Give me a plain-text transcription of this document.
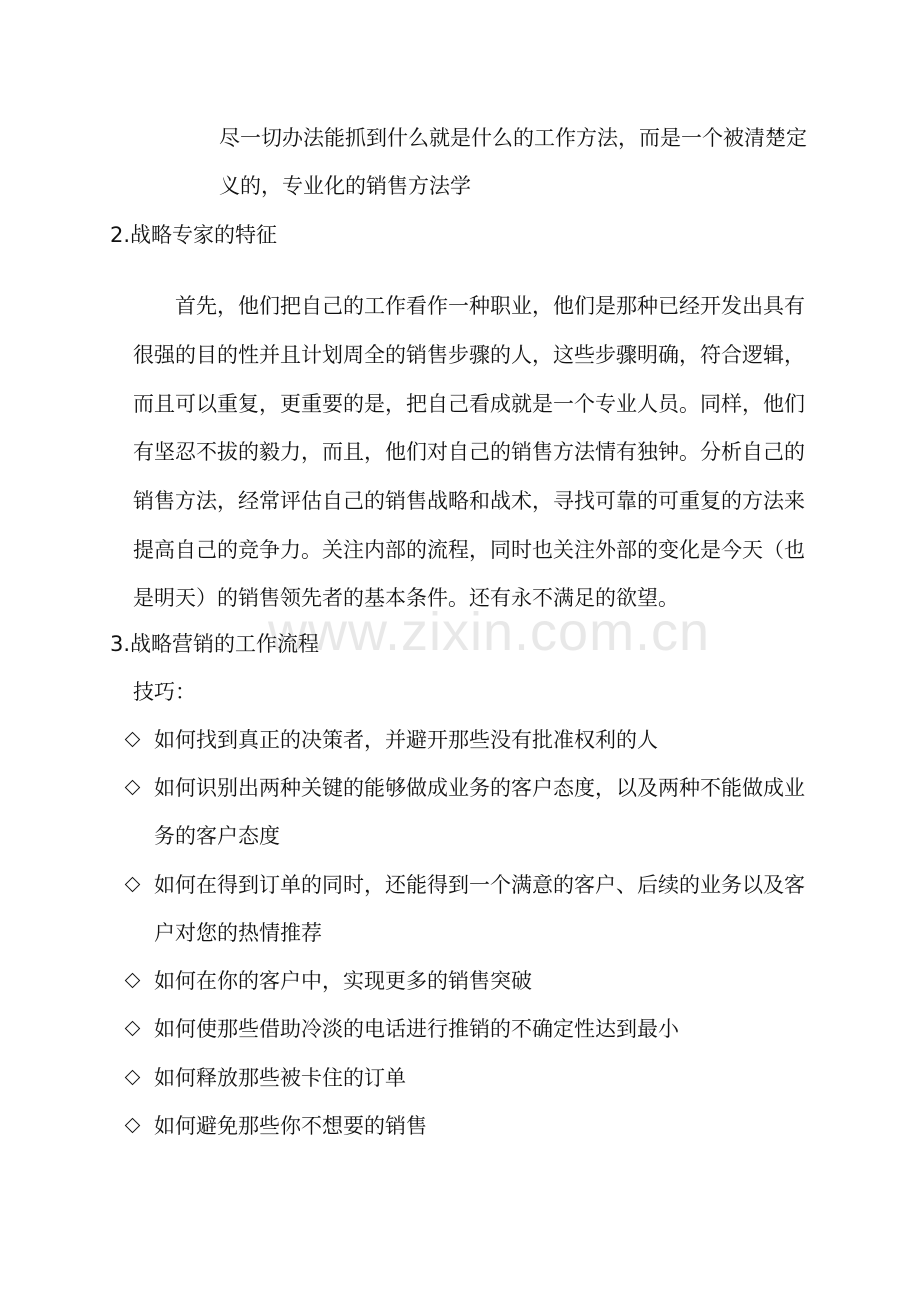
www.zixin.com.cn
尽一切办法能抓到什么就是什么的工作方法，而是一个被清楚定
义的，专业化的销售方法学
2.战略专家的特征
首先，他们把自己的工作看作一种职业，他们是那种已经开发出具有
很强的目的性并且计划周全的销售步骤的人，这些步骤明确，符合逻辑，
而且可以重复，更重要的是，把自己看成就是一个专业人员。同样，他们
有坚忍不拔的毅力，而且，他们对自己的销售方法情有独钟。分析自己的
销售方法，经常评估自己的销售战略和战术，寻找可靠的可重复的方法来
提高自己的竞争力。关注内部的流程，同时也关注外部的变化是今天（也
是明天）的销售领先者的基本条件。还有永不满足的欲望。
3.战略营销的工作流程
技巧：
如何找到真正的决策者，并避开那些没有批准权利的人
如何识别出两种关键的能够做成业务的客户态度，以及两种不能做成业
务的客户态度
如何在得到订单的同时，还能得到一个满意的客户、后续的业务以及客
户对您的热情推荐
如何在你的客户中，实现更多的销售突破
如何使那些借助冷淡的电话进行推销的不确定性达到最小
如何释放那些被卡住的订单
如何避免那些你不想要的销售
